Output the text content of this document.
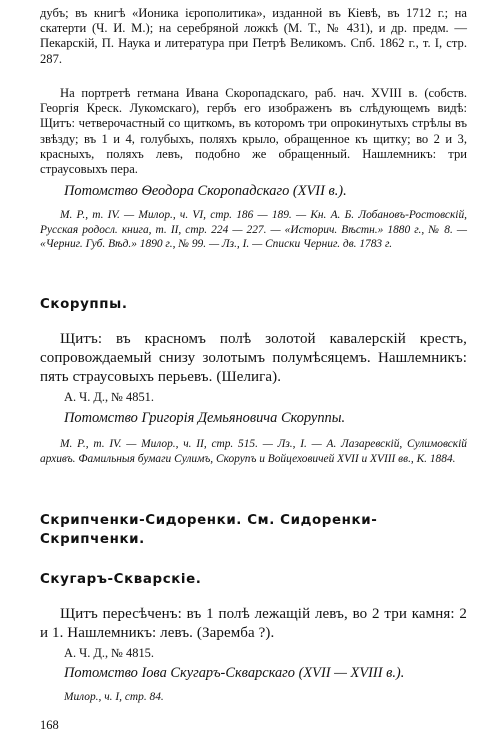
дубъ; въ книгѣ «Ионика ієрополитика», изданной въ Кіевѣ, въ 1712 г.; на скатерти (Ч. И. М.); на серебряной ложкѣ (М. Т., № 431), и др. предм. — Пекарскій, П. Наука и литература при Петрѣ Великомъ. Спб. 1862 г., т. I, стр. 287.

На портретѣ гетмана Ивана Скоропадскаго, раб. нач. XVIII в. (собств. Георгія Креск. Лукомскаго), гербъ его изображенъ въ слѣдующемъ видѣ: Щитъ: четверочастный со щиткомъ, въ которомъ три опрокинутыхъ стрѣлы въ звѣзду; въ 1 и 4, голубыхъ, поляхъ крыло, обращенное къ щитку; во 2 и 3, красныхъ, поляхъ левъ, подобно же обращенный. Нашлемникъ: три страусовыхъ пера.

Потомство Ѳеодора Скоропадскаго (XVII в.).

М. Р., т. IV. — Милор., ч. VI, стр. 186 — 189. — Кн. А. Б. Лобановъ-Ростовскій, Русская родосл. книга, т. II, стр. 224 — 227. — «Историч. Вѣстн.» 1880 г., № 8. — «Черниг. Губ. Вѣд.» 1890 г., № 99. — Лз., I. — Списки Черниг. дв. 1783 г.

Скоруппы.

Щитъ: въ красномъ полѣ золотой кавалерскій крестъ, сопровождаемый снизу золотымъ полумѣсяцемъ. Нашлемникъ: пять страусовыхъ перьевъ. (Шелига).

А. Ч. Д., № 4851.

Потомство Григорія Демьяновича Скоруппы.

М. Р., т. IV. — Милор., ч. II, стр. 515. — Лз., I. — А. Лазаревскій, Сулимовскій архивъ. Фамильныя бумаги Сулимъ, Скорупъ и Войцеховичей XVII и XVIII вв., К. 1884.

Скрипченки-Сидоренки. См. Сидоренки-Скрипченки.
Скугаръ-Скварскіе.

Щитъ пересѣченъ: въ 1 полѣ лежащій левъ, во 2 три камня: 2 и 1. Нашлемникъ: левъ. (Заремба ?).

А. Ч. Д., № 4815.

Потомство Іова Скугаръ-Скварскаго (XVII — XVIII в.).

Милор., ч. I, стр. 84.

168
